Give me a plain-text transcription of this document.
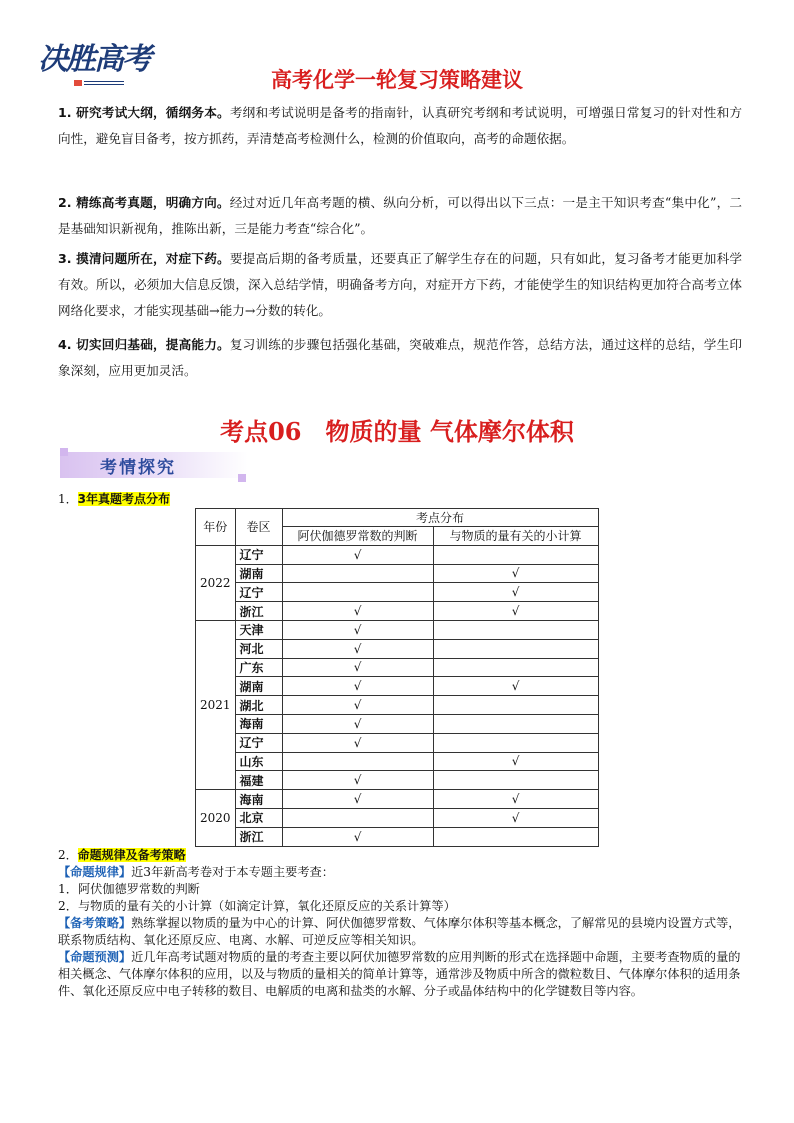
决胜高考
高考化学一轮复习策略建议
1. 研究考试大纲，循纲务本。考纲和考试说明是备考的指南针，认真研究考纲和考试说明，可增强日常复习的针对性和方向性，避免盲目备考，按方抓药，弄清楚高考检测什么，检测的价值取向，高考的命题依据。
2. 精练高考真题，明确方向。经过对近几年高考题的横、纵向分析，可以得出以下三点：一是主干知识考查“集中化”，二是基础知识新视角，推陈出新，三是能力考查“综合化”。
3. 摸清问题所在，对症下药。要提高后期的备考质量，还要真正了解学生存在的问题，只有如此，复习备考才能更加科学有效。所以，必须加大信息反馈，深入总结学情，明确备考方向，对症开方下药，才能使学生的知识结构更加符合高考立体网络化要求，才能实现基础→能力→分数的转化。
4. 切实回归基础，提高能力。复习训练的步骤包括强化基础，突破难点，规范作答，总结方法，通过这样的总结，学生印象深刻，应用更加灵活。
考点06　物质的量 气体摩尔体积
考情探究
1．3年真题考点分布
年份	卷区	考点分布	
		阿伏伽德罗常数的判断	与物质的量有关的小计算
2022	辽宁	√	
	湖南		√
	辽宁		√
	浙江	√	√
2021	天津	√	
	河北	√	
	广东	√	
	湖南	√	√
	湖北	√	
	海南	√	
	辽宁	√	
	山东		√
	福建	√	
2020	海南	√	√
	北京		√
	浙江	√	
2．命题规律及备考策略
【命题规律】近3年新高考卷对于本专题主要考查：
1．阿伏伽德罗常数的判断
2．与物质的量有关的小计算（如滴定计算，氧化还原反应的关系计算等）
【备考策略】熟练掌握以物质的量为中心的计算、阿伏伽德罗常数、气体摩尔体积等基本概念，了解常见的县境内设置方式等，联系物质结构、氧化还原反应、电离、水解、可逆反应等相关知识。
【命题预测】近几年高考试题对物质的量的考查主要以阿伏加德罗常数的应用判断的形式在选择题中命题，主要考查物质的量的相关概念、气体摩尔体积的应用，以及与物质的量相关的简单计算等，通常涉及物质中所含的微粒数目、气体摩尔体积的适用条件、氧化还原反应中电子转移的数目、电解质的电离和盐类的水解、分子或晶体结构中的化学键数目等内容。
